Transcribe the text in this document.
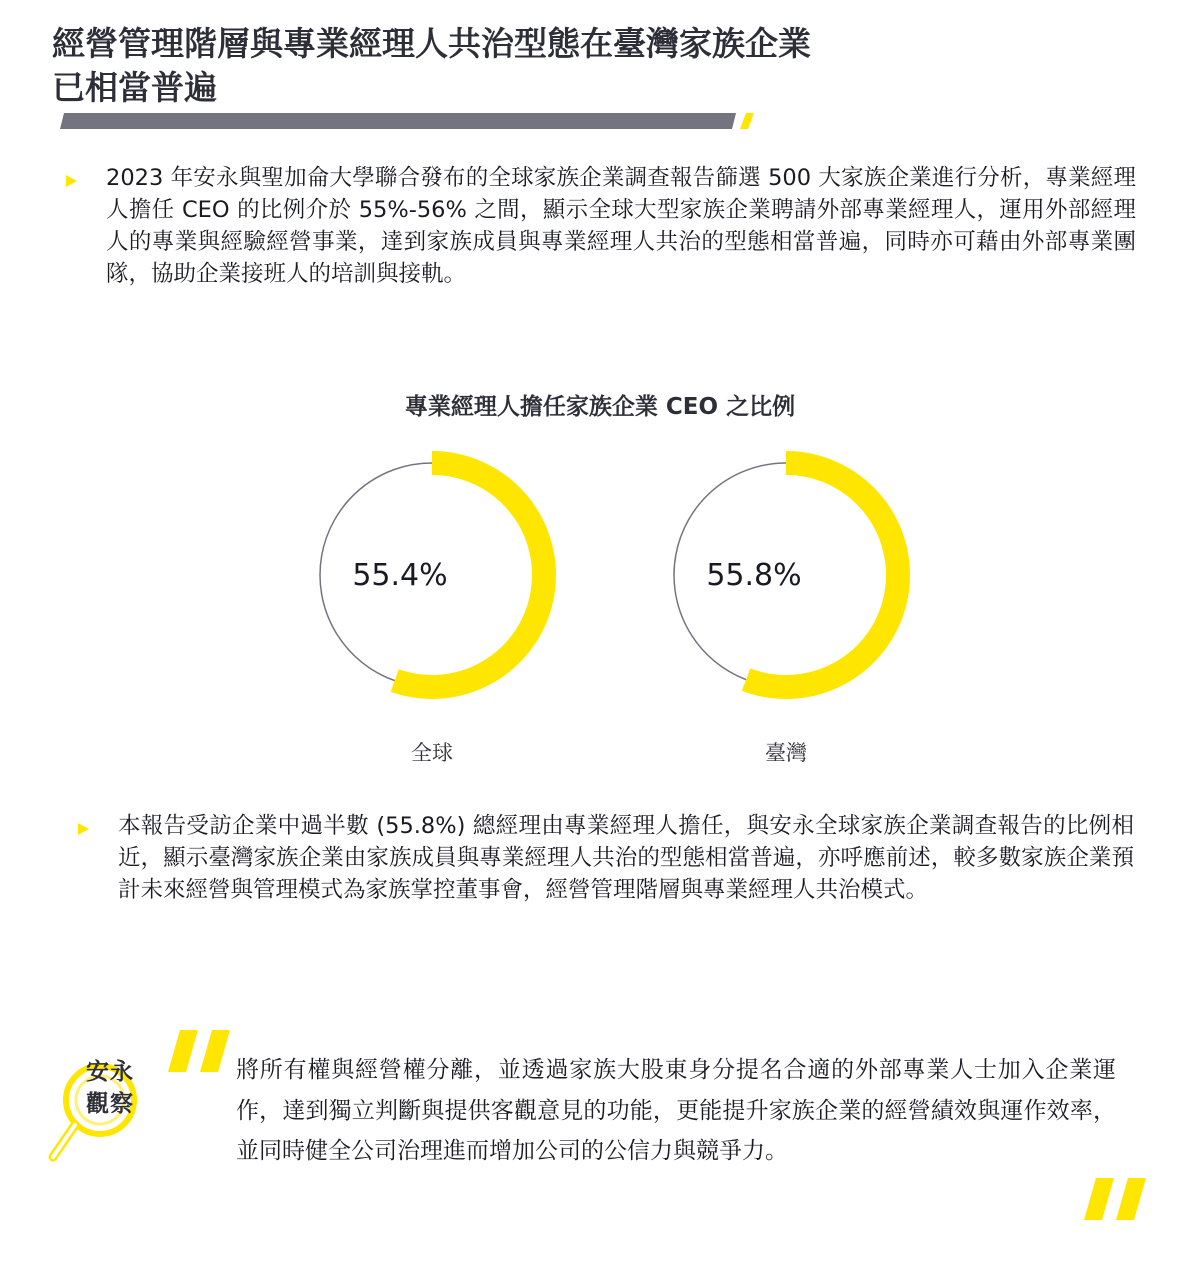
經營管理階層與專業經理人共治型態在臺灣家族企業
已相當普遍
2023 年安永與聖加侖大學聯合發布的全球家族企業調查報告篩選 500 大家族企業進行分析，專業經理人擔任 CEO 的比例介於 55%-56% 之間，顯示全球大型家族企業聘請外部專業經理人，運用外部經理人的專業與經驗經營事業，達到家族成員與專業經理人共治的型態相當普遍，同時亦可藉由外部專業團隊，協助企業接班人的培訓與接軌。
專業經理人擔任家族企業 CEO 之比例
55.4%
全球
55.8%
臺灣
本報告受訪企業中過半數 (55.8%) 總經理由專業經理人擔任，與安永全球家族企業調查報告的比例相近，顯示臺灣家族企業由家族成員與專業經理人共治的型態相當普遍，亦呼應前述，較多數家族企業預計未來經營與管理模式為家族掌控董事會，經營管理階層與專業經理人共治模式。
安永
觀察
將所有權與經營權分離，並透過家族大股東身分提名合適的外部專業人士加入企業運作，達到獨立判斷與提供客觀意見的功能，更能提升家族企業的經營績效與運作效率，並同時健全公司治理進而增加公司的公信力與競爭力。
